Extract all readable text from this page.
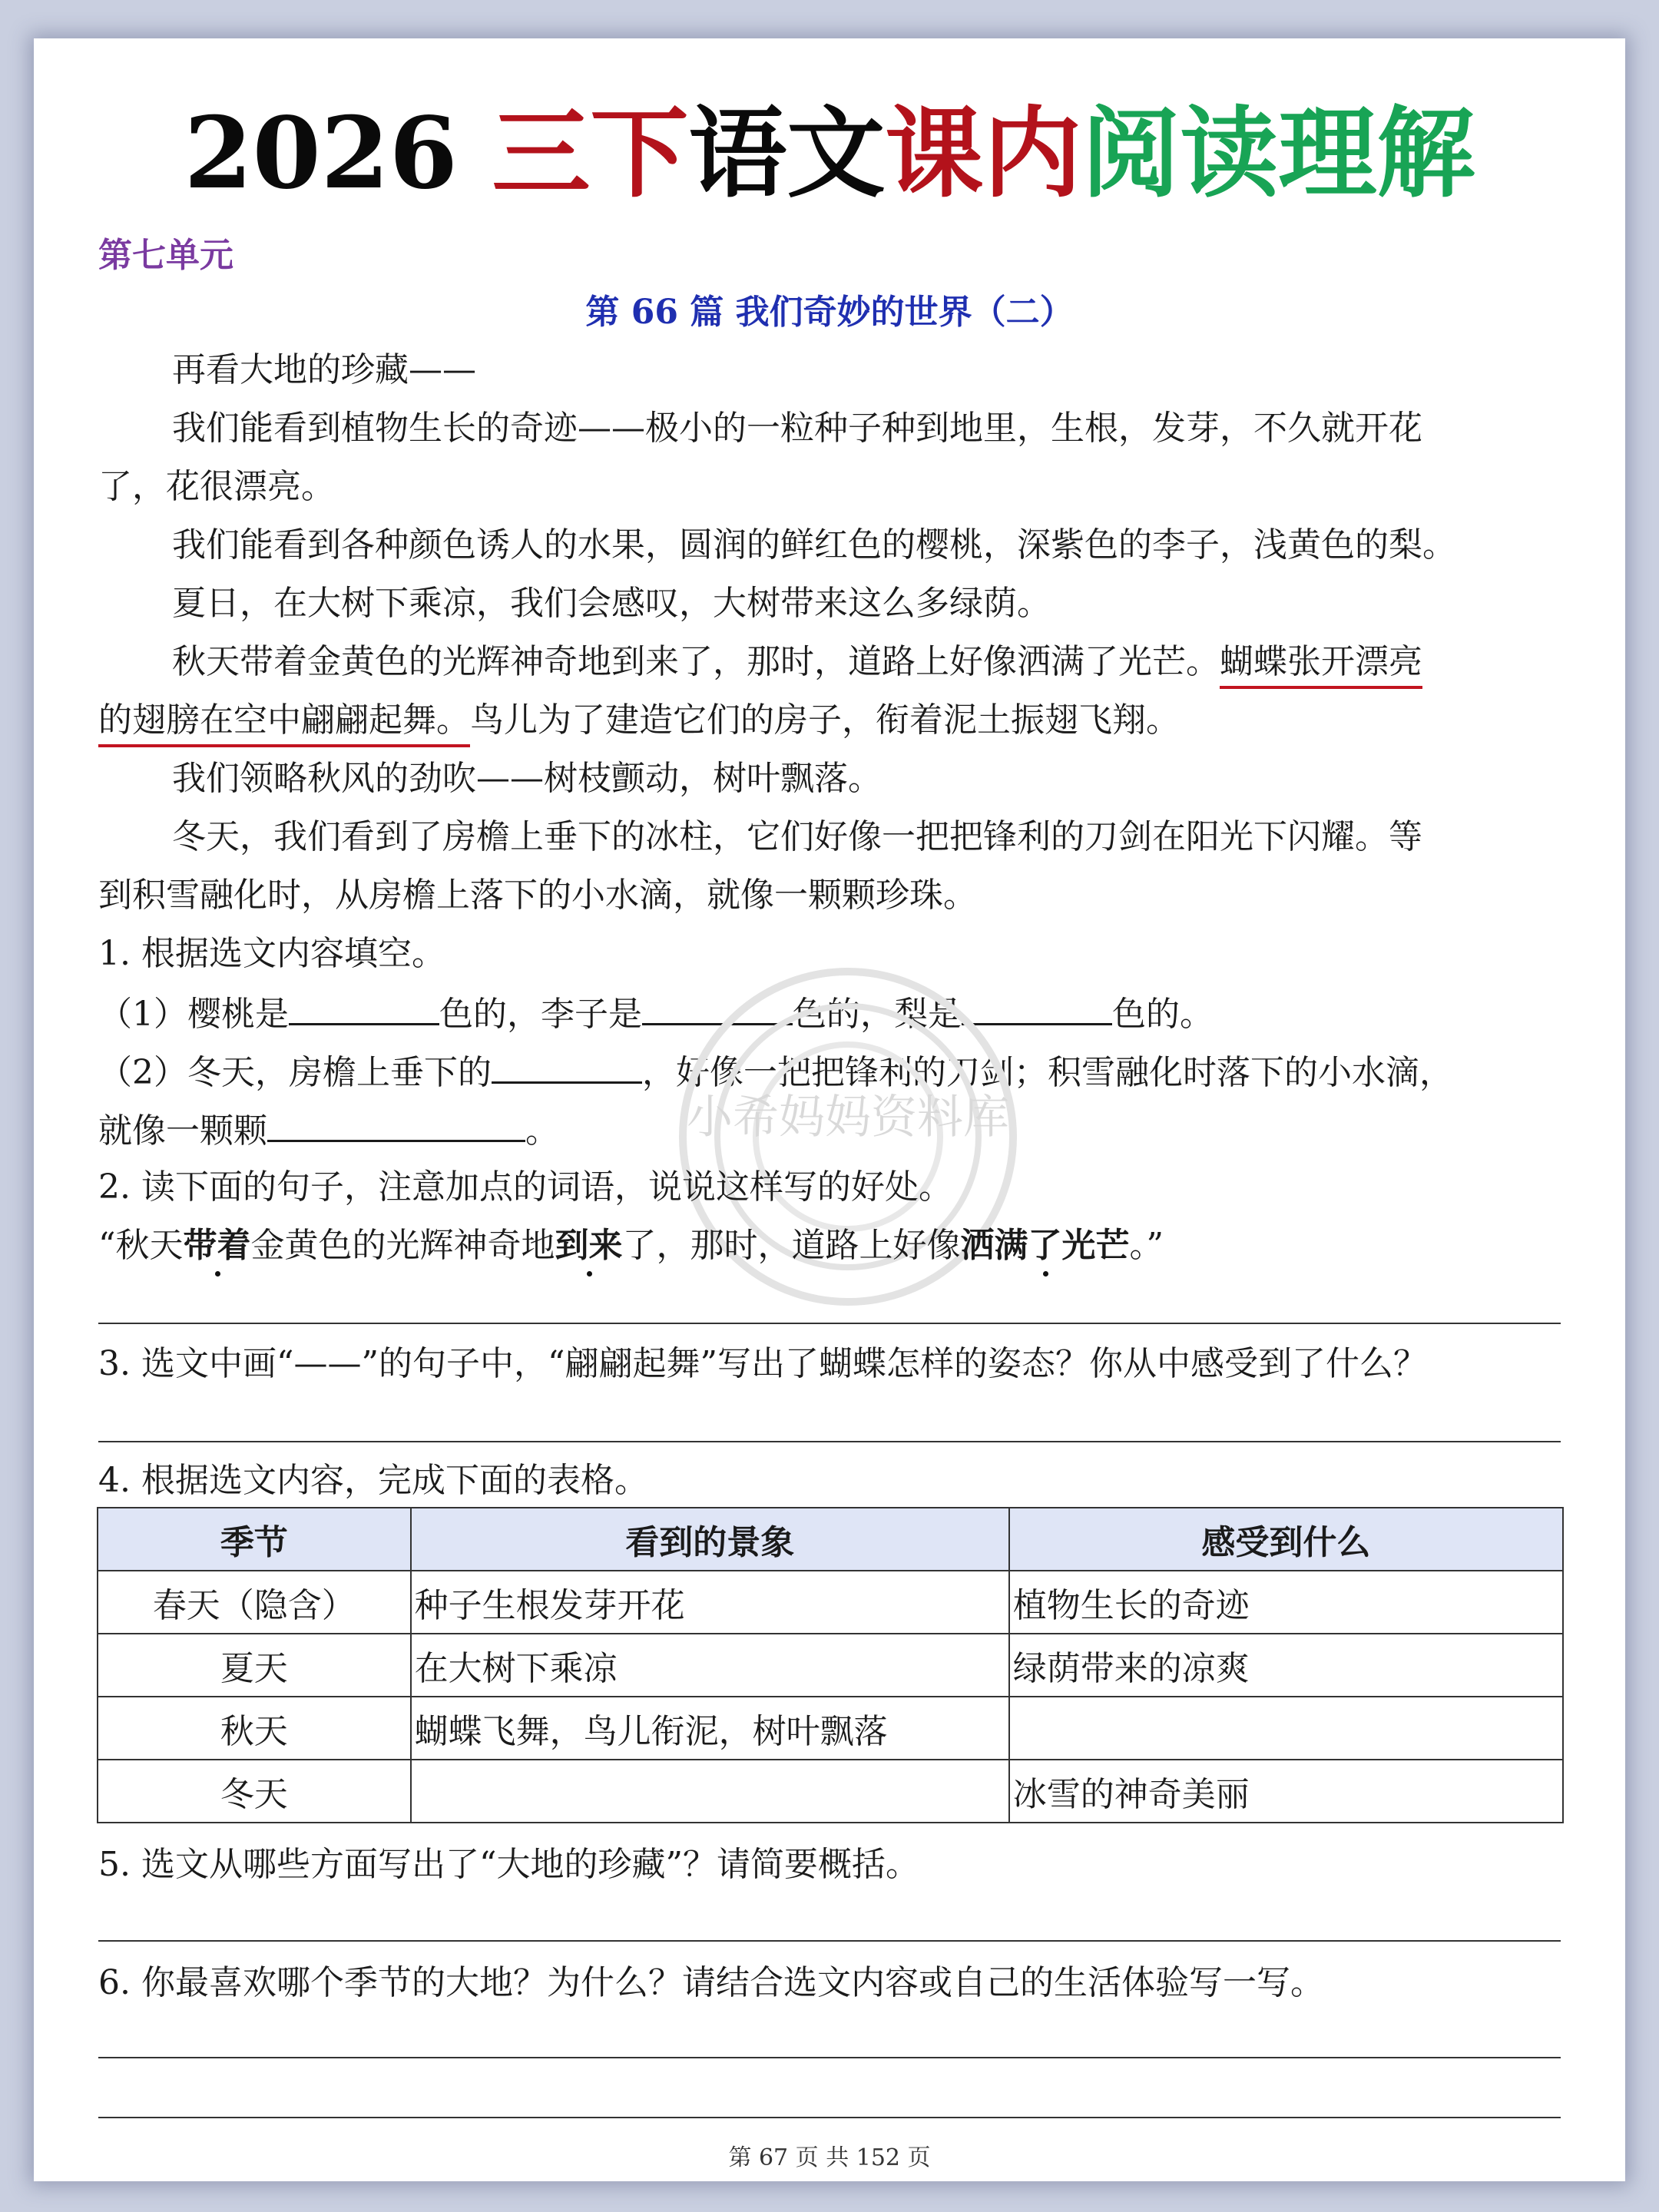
2026 三下语文课内阅读理解
第七单元
第 66 篇 我们奇妙的世界（二）
再看大地的珍藏——
我们能看到植物生长的奇迹——极小的一粒种子种到地里，生根，发芽，不久就开花
了，花很漂亮。
我们能看到各种颜色诱人的水果，圆润的鲜红色的樱桃，深紫色的李子，浅黄色的梨。
夏日，在大树下乘凉，我们会感叹，大树带来这么多绿荫。
秋天带着金黄色的光辉神奇地到来了，那时，道路上好像洒满了光芒。蝴蝶张开漂亮
的翅膀在空中翩翩起舞。鸟儿为了建造它们的房子，衔着泥土振翅飞翔。
我们领略秋风的劲吹——树枝颤动，树叶飘落。
冬天，我们看到了房檐上垂下的冰柱，它们好像一把把锋利的刀剑在阳光下闪耀。等
到积雪融化时，从房檐上落下的小水滴，就像一颗颗珍珠。
1. 根据选文内容填空。
（1）樱桃是	色的，李子是	色的，梨是	色的。
（2）冬天，房檐上垂下的	，好像一把把锋利的刀剑；积雪融化时落下的小水滴，
就像一颗颗	。	小希妈妈资料库
2. 读下面的句子，注意加点的词语，说说这样写的好处。
“秋天带着金黄色的光辉神奇地到来了，那时，道路上好像洒满了光芒。”
3. 选文中画“——”的句子中，“翩翩起舞”写出了蝴蝶怎样的姿态？你从中感受到了什么？
4. 根据选文内容，完成下面的表格。
季节	看到的景象	感受到什么
春天（隐含）	种子生根发芽开花	植物生长的奇迹
夏天	在大树下乘凉	绿荫带来的凉爽
秋天	蝴蝶飞舞，鸟儿衔泥，树叶飘落	
冬天		冰雪的神奇美丽
5. 选文从哪些方面写出了“大地的珍藏”？请简要概括。
6. 你最喜欢哪个季节的大地？为什么？请结合选文内容或自己的生活体验写一写。
第 67 页 共 152 页
